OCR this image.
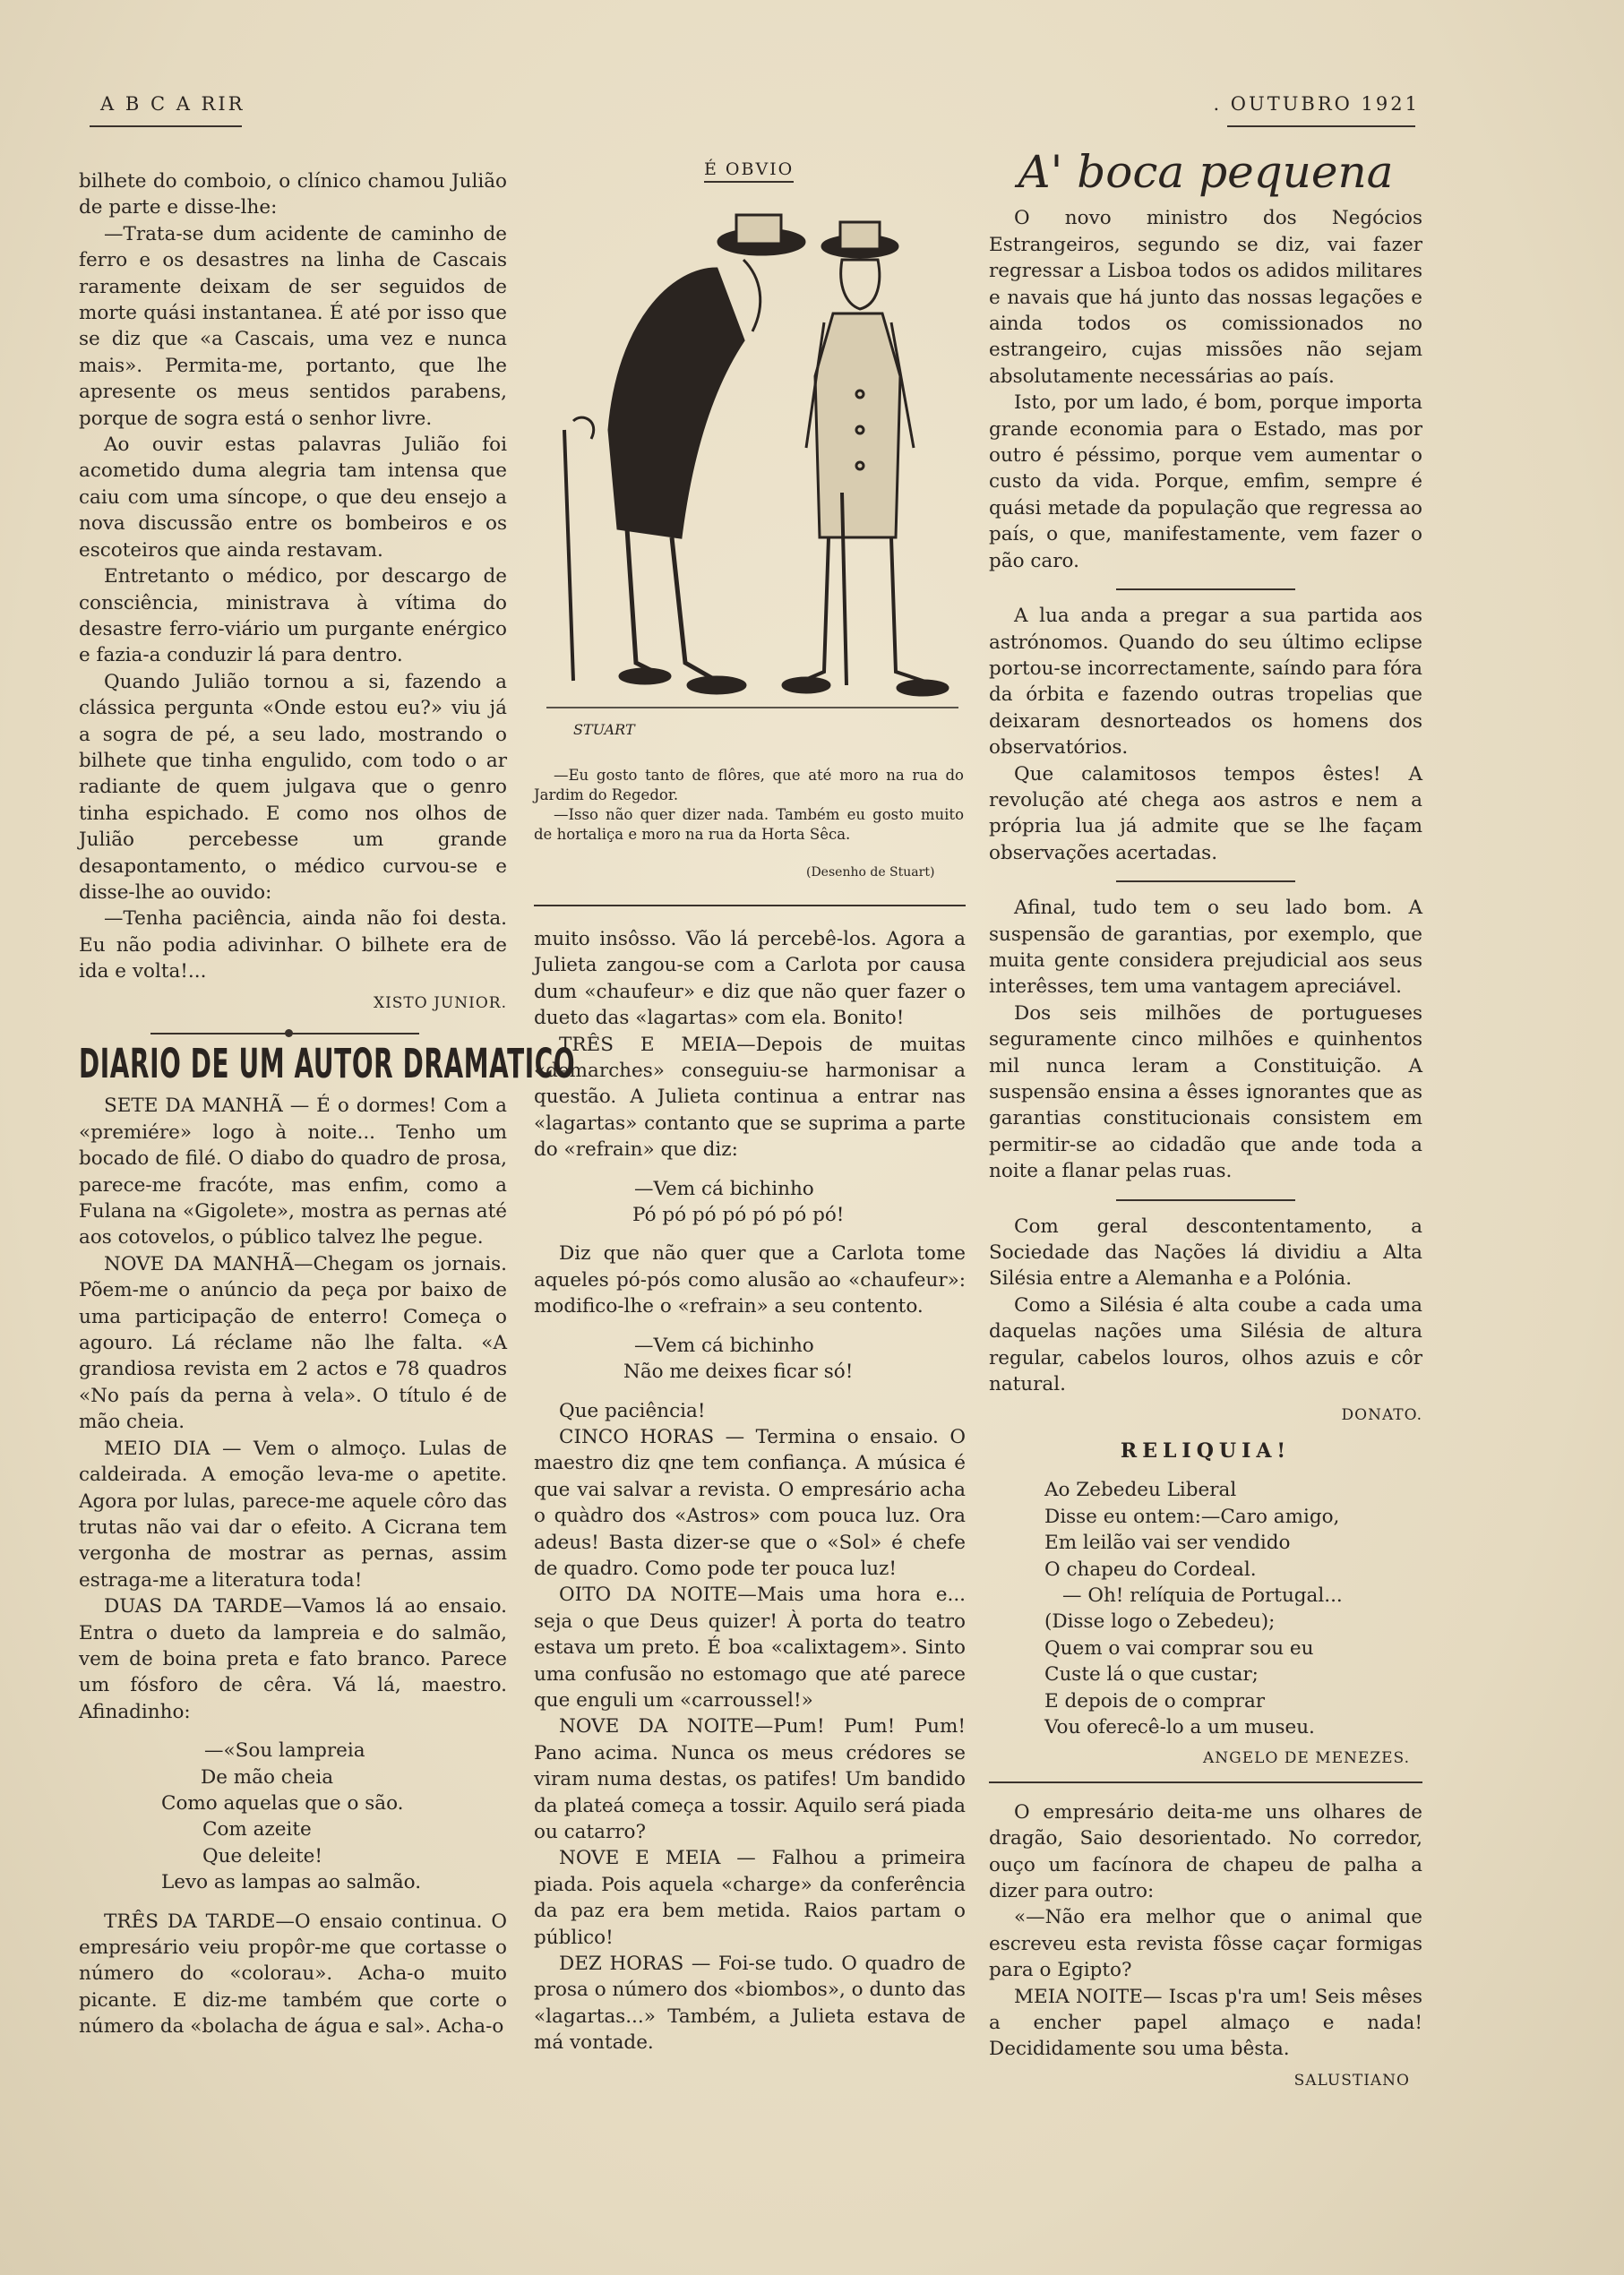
A B C A RIR	. OUTUBRO 1921

bilhete do comboio, o clínico chamou Julião de parte e disse-lhe:

—Trata-se dum acidente de caminho de ferro e os desastres na linha de Cascais raramente deixam de ser seguidos de morte quási instantanea. É até por isso que se diz que «a Cascais, uma vez e nunca mais». Permita-me, portanto, que lhe apresente os meus sentidos parabens, porque de sogra está o senhor livre.

Ao ouvir estas palavras Julião foi acometido duma alegria tam intensa que caiu com uma síncope, o que deu ensejo a nova discussão entre os bombeiros e os escoteiros que ainda restavam.

Entretanto o médico, por descargo de consciência, ministrava à vítima do desastre ferro-viário um purgante enérgico e fazia-a conduzir lá para dentro.

Quando Julião tornou a si, fazendo a clássica pergunta «Onde estou eu?» viu já a sogra de pé, a seu lado, mostrando o bilhete que tinha engulido, com todo o ar radiante de quem julgava que o genro tinha espichado. E como nos olhos de Julião percebesse um grande desapontamento, o médico curvou-se e disse-lhe ao ouvido:

—Tenha paciência, ainda não foi desta. Eu não podia adivinhar. O bilhete era de ida e volta!...

XISTO JUNIOR.
DIARIO DE UM AUTOR DRAMATICO

SETE DA MANHÃ — É o dormes! Com a «premiére» logo à noite... Tenho um bocado de filé. O diabo do quadro de prosa, parece-me fracóte, mas enfim, como a Fulana na «Gigolete», mostra as pernas até aos cotovelos, o público talvez lhe pegue.

NOVE DA MANHÃ—Chegam os jornais. Põem-me o anúncio da peça por baixo de uma participação de enterro! Começa o agouro. Lá réclame não lhe falta. «A grandiosa revista em 2 actos e 78 quadros «No país da perna à vela». O título é de mão cheia.

MEIO DIA — Vem o almoço. Lulas de caldeirada. A emoção leva-me o apetite. Agora por lulas, parece-me aquele côro das trutas não vai dar o efeito. A Cicrana tem vergonha de mostrar as pernas, assim estraga-me a literatura toda!

DUAS DA TARDE—Vamos lá ao ensaio. Entra o dueto da lampreia e do salmão, vem de boina preta e fato branco. Parece um fósforo de cêra. Vá lá, maestro. Afinadinho:

—«Sou lampreia
De mão cheia
Como aquelas que o são.
Com azeite
Que deleite!
Levo as lampas ao salmão.

TRÊS DA TARDE—O ensaio continua. O empresário veiu propôr-me que cortasse o número do «colorau». Acha-o muito picante. E diz-me também que corte o número da «bolacha de água e sal». Acha-o

É OBVIO
STUART

—Eu gosto tanto de flôres, que até moro na rua do Jardim do Regedor.

—Isso não quer dizer nada. Também eu gosto muito de hortaliça e moro na rua da Horta Sêca.

(Desenho de Stuart)

muito insôsso. Vão lá percebê-los. Agora a Julieta zangou-se com a Carlota por causa dum «chaufeur» e diz que não quer fazer o dueto das «lagartas» com ela. Bonito!

TRÊS E MEIA—Depois de muitas «demarches» conseguiu-se harmonisar a questão. A Julieta continua a entrar nas «lagartas» contanto que se suprima a parte do «refrain» que diz:

—Vem cá bichinho
Pó pó pó pó pó pó pó!

Diz que não quer que a Carlota tome aqueles pó-pós como alusão ao «chaufeur»: modifico-lhe o «refrain» a seu contento.

—Vem cá bichinho
Não me deixes ficar só!

Que paciência!

CINCO HORAS — Termina o ensaio. O maestro diz qne tem confiança. A música é que vai salvar a revista. O empresário acha o quàdro dos «Astros» com pouca luz. Ora adeus! Basta dizer-se que o «Sol» é chefe de quadro. Como pode ter pouca luz!

OITO DA NOITE—Mais uma hora e... seja o que Deus quizer! À porta do teatro estava um preto. É boa «calixtagem». Sinto uma confusão no estomago que até parece que enguli um «carroussel!»

NOVE DA NOITE—Pum! Pum! Pum! Pano acima. Nunca os meus crédores se viram numa destas, os patifes! Um bandido da plateá começa a tossir. Aquilo será piada ou catarro?

NOVE E MEIA — Falhou a primeira piada. Pois aquela «charge» da conferência da paz era bem metida. Raios partam o público!

DEZ HORAS — Foi-se tudo. O quadro de prosa o número dos «biombos», o dunto das «lagartas...» Também, a Julieta estava de má vontade.

A' boca pequena

O novo ministro dos Negócios Estrangeiros, segundo se diz, vai fazer regressar a Lisboa todos os adidos militares e navais que há junto das nossas legações e ainda todos os comissionados no estrangeiro, cujas missões não sejam absolutamente necessárias ao país.

Isto, por um lado, é bom, porque importa grande economia para o Estado, mas por outro é péssimo, porque vem aumentar o custo da vida. Porque, emfim, sempre é quási metade da população que regressa ao país, o que, manifestamente, vem fazer o pão caro.

A lua anda a pregar a sua partida aos astrónomos. Quando do seu último eclipse portou-se incorrectamente, saíndo para fóra da órbita e fazendo outras tropelias que deixaram desnorteados os homens dos observatórios.

Que calamitosos tempos êstes! A revolução até chega aos astros e nem a própria lua já admite que se lhe façam observações acertadas.

Afinal, tudo tem o seu lado bom. A suspensão de garantias, por exemplo, que muita gente considera prejudicial aos seus interêsses, tem uma vantagem apreciável.

Dos seis milhões de portugueses seguramente cinco milhões e quinhentos mil nunca leram a Constituição. A suspensão ensina a êsses ignorantes que as garantias constitucionais consistem em permitir-se ao cidadão que ande toda a noite a flanar pelas ruas.

Com geral descontentamento, a Sociedade das Nações lá dividiu a Alta Silésia entre a Alemanha e a Polónia.

Como a Silésia é alta coube a cada uma daquelas nações uma Silésia de altura regular, cabelos louros, olhos azuis e côr natural.

DONATO.
RELIQUIA!
Ao Zebedeu Liberal
Disse eu ontem:—Caro amigo,
Em leilão vai ser vendido
O chapeu do Cordeal.
— Oh! relíquia de Portugal...
(Disse logo o Zebedeu);
Quem o vai comprar sou eu
Custe lá o que custar;
E depois de o comprar
Vou oferecê-lo a um museu.
ANGELO DE MENEZES.

O empresário deita-me uns olhares de dragão, Saio desorientado. No corredor, ouço um facínora de chapeu de palha a dizer para outro:

«—Não era melhor que o animal que escreveu esta revista fôsse caçar formigas para o Egipto?

MEIA NOITE— Iscas p'ra um! Seis mêses a encher papel almaço e nada! Decididamente sou uma bêsta.

SALUSTIANO
